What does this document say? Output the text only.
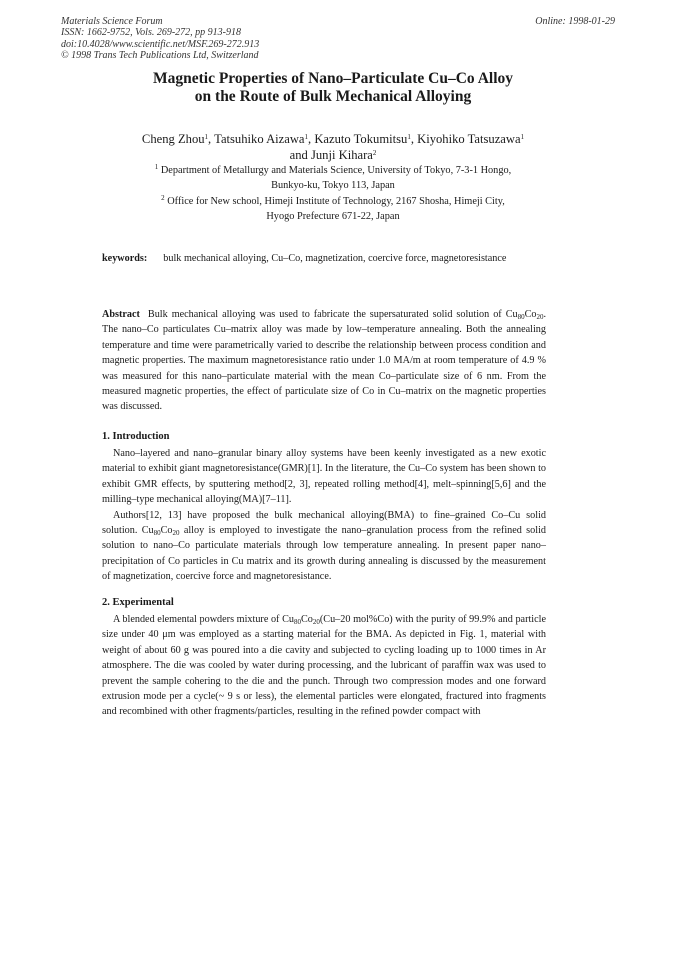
Materials Science Forum
ISSN: 1662-9752, Vols. 269-272, pp 913-918
doi:10.4028/www.scientific.net/MSF.269-272.913
© 1998 Trans Tech Publications Ltd, Switzerland
Online: 1998-01-29
Magnetic Properties of Nano–Particulate Cu–Co Alloy
on the Route of Bulk Mechanical Alloying
Cheng Zhou$^1$, Tatsuhiko Aizawa$^1$, Kazuto Tokumitsu$^1$, Kiyohiko Tatsuzawa$^1$
and Junji Kihara$^2$
$^1$ Department of Metallurgy and Materials Science, University of Tokyo, 7-3-1 Hongo,
Bunkyo-ku, Tokyo 113, Japan
$^2$ Office for New school, Himeji Institute of Technology, 2167 Shosha, Himeji City,
Hyogo Prefecture 671-22, Japan
keywords: bulk mechanical alloying, Cu–Co, magnetization, coercive force, magnetoresistance
Abstract Bulk mechanical alloying was used to fabricate the supersaturated solid solution of $Cu_{80}Co_{20}$. The nano–Co particulates Cu–matrix alloy was made by low–temperature annealing. Both the annealing temperature and time were parametrically varied to describe the relationship between process condition and magnetic properties. The maximum magnetoresistance ratio under 1.0 MA/m at room temperature of 4.9 % was measured for this nano–particulate material with the mean Co–particulate size of 6 nm. From the measured magnetic properties, the effect of particulate size of Co in Cu–matrix on the magnetic properties was discussed.
1. Introduction

Nano–layered and nano–granular binary alloy systems have been keenly investigated as a new exotic material to exhibit giant magnetoresistance(GMR)[1]. In the literature, the Cu–Co system has been shown to exhibit GMR effects, by sputtering method[2, 3], repeated rolling method[4], melt–spinning[5,6] and the milling–type mechanical alloying(MA)[7–11].

Authors[12, 13] have proposed the bulk mechanical alloying(BMA) to fine–grained Co–Cu solid solution. $Cu_{80}Co_{20}$ alloy is employed to investigate the nano–granulation process from the refined solid solution to nano–Co particulate materials through low temperature annealing. In present paper nano–precipitation of Co particles in Cu matrix and its growth during annealing is discussed by the measurement of magnetization, coercive force and magnetoresistance.

2. Experimental

A blended elemental powders mixture of $Cu_{80}Co_{20}(Cu-20$ mol%Co) with the purity of 99.9% and particle size under 40 μm was employed as a starting material for the BMA. As depicted in Fig. 1, material with weight of about 60 g was poured into a die cavity and subjected to cycling loading up to 1000 times in Ar atmosphere. The die was cooled by water during processing, and the lubricant of paraffin wax was used to prevent the sample cohering to the die and the punch. Through two compression modes and one forward extrusion mode per a cycle(~ 9 s or less), the elemental particles were elongated, fractured into fragments and recombined with other fragments/particles, resulting in the refined powder compact with
